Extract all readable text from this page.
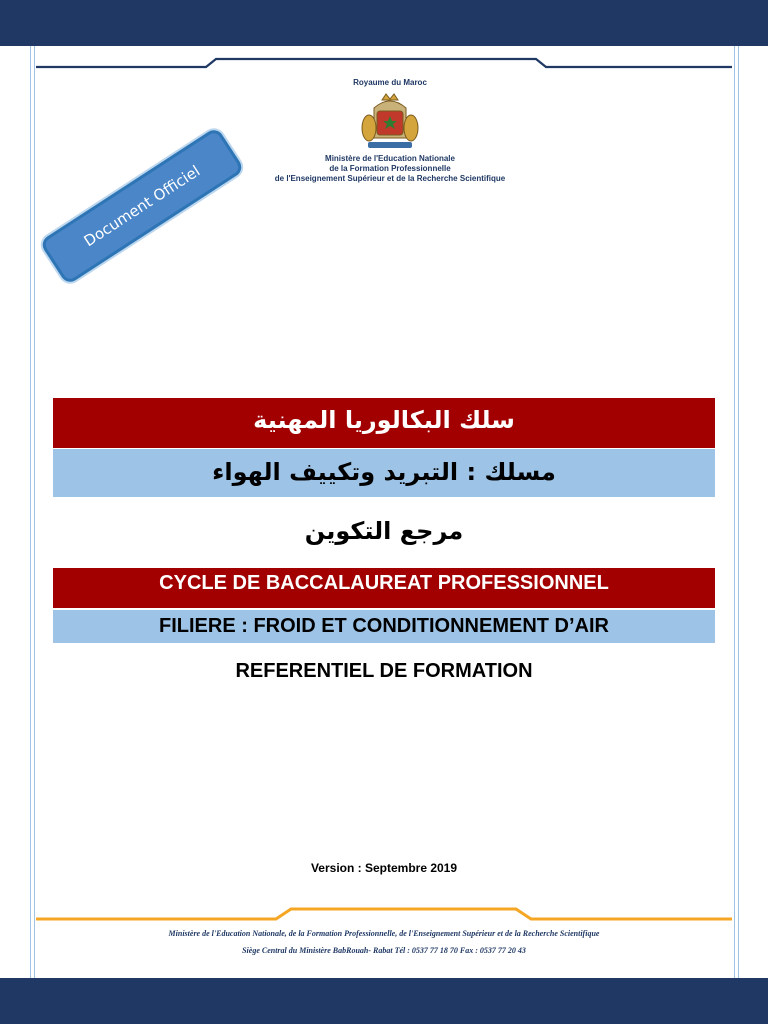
Royaume du Maroc
Ministère de l'Education Nationale
de la Formation Professionnelle
de l'Enseignement Supérieur et de la Recherche Scientifique
Document Officiel
سلك البكالوريا المهنية
مسلك : التبريد وتكييف الهواء
مرجع التكوين
CYCLE DE BACCALAUREAT PROFESSIONNEL
FILIERE : FROID ET CONDITIONNEMENT D’AIR
REFERENTIEL DE FORMATION
Version : Septembre 2019
Ministère de l'Education Nationale, de la Formation Professionnelle, de l'Enseignement Supérieur et de la Recherche Scientifique
Siège Central du Ministère BabRouah- Rabat Tél : 0537 77 18 70 Fax : 0537 77 20 43
